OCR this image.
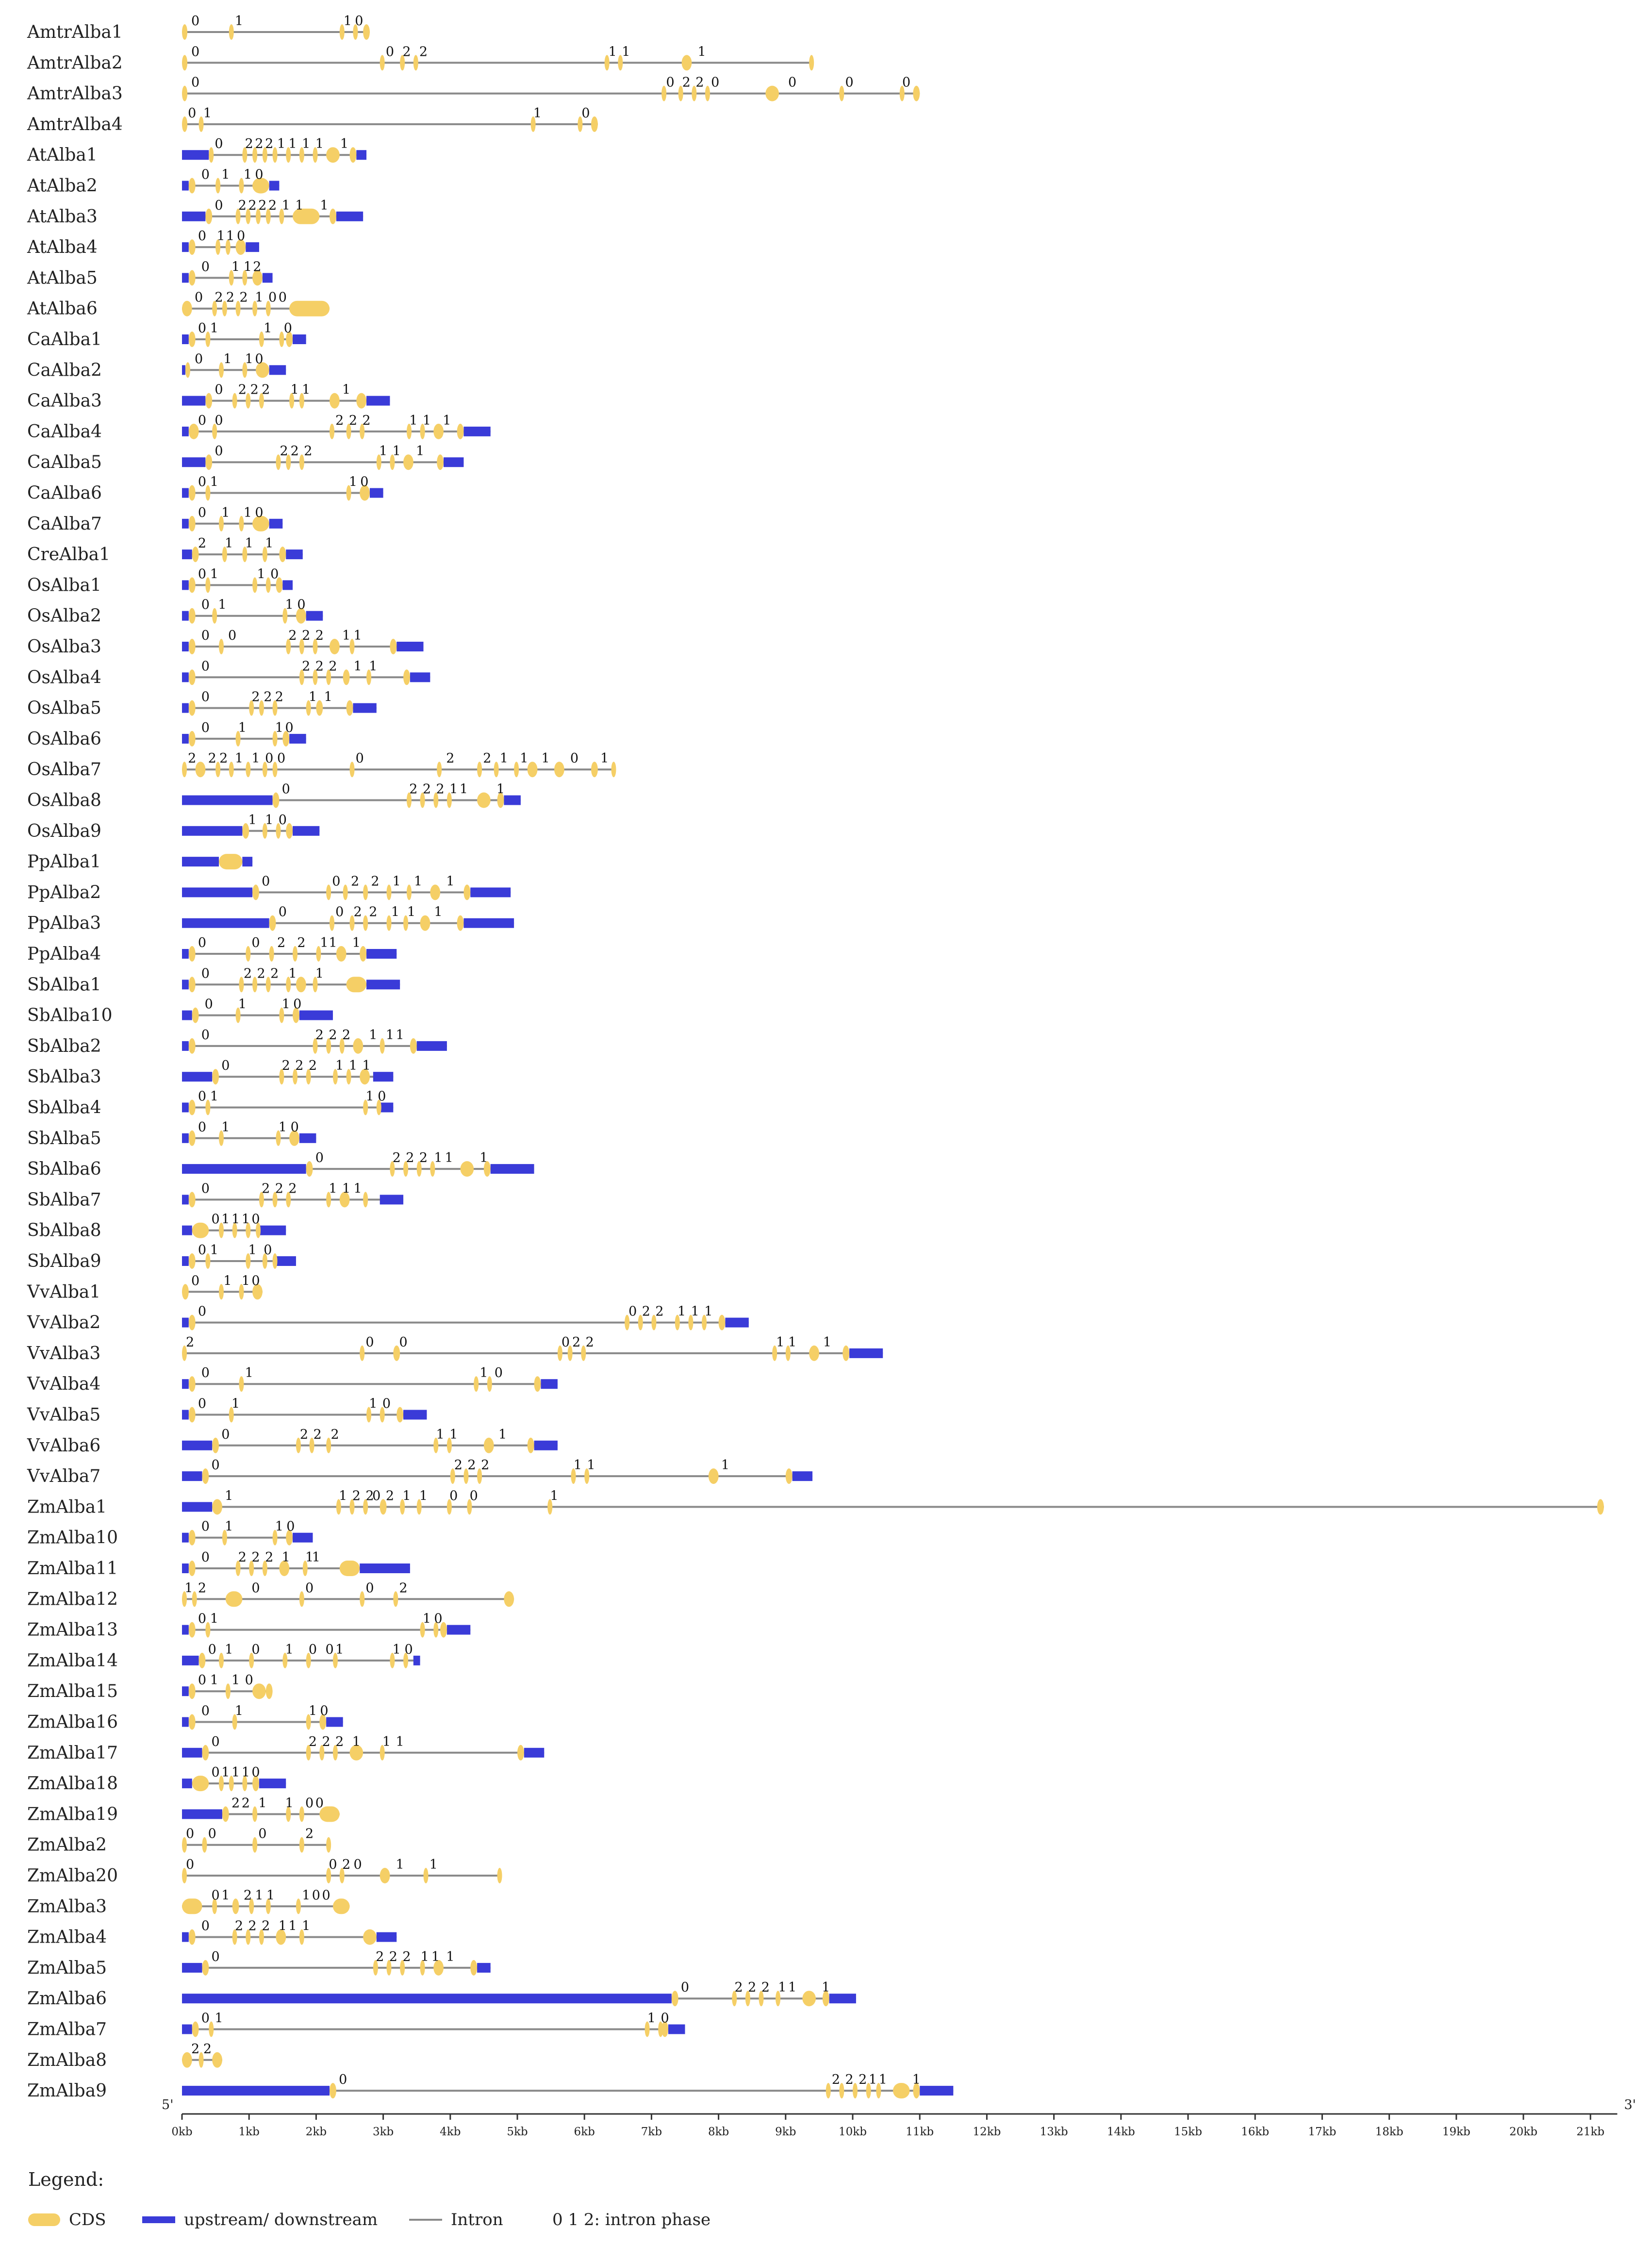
AmtrAlba1
AmtrAlba2
AmtrAlba3
AmtrAlba4
AtAlba1
AtAlba2
AtAlba3
AtAlba4
AtAlba5
AtAlba6
CaAlba1
CaAlba2
CaAlba3
CaAlba4
CaAlba5
CaAlba6
CaAlba7
CreAlba1
OsAlba1
OsAlba2
OsAlba3
OsAlba4
OsAlba5
OsAlba6
OsAlba7
OsAlba8
OsAlba9
PpAlba1
PpAlba2
PpAlba3
PpAlba4
SbAlba1
SbAlba10
SbAlba2
SbAlba3
SbAlba4
SbAlba5
SbAlba6
SbAlba7
SbAlba8
SbAlba9
VvAlba1
VvAlba2
VvAlba3
VvAlba4
VvAlba5
VvAlba6
VvAlba7
ZmAlba1
ZmAlba10
ZmAlba11
ZmAlba12
ZmAlba13
ZmAlba14
ZmAlba15
ZmAlba16
ZmAlba17
ZmAlba18
ZmAlba19
ZmAlba2
ZmAlba20
ZmAlba3
ZmAlba4
ZmAlba5
ZmAlba6
ZmAlba7
ZmAlba8
ZmAlba9
0	1	1 0
0	0 2 2	1 1	1
0	0 2 2 0	0	0	0
0 1	1	0
0 2 2 2 1 1 1 1 1
0 1 1 0
0 2 2 2 2 1 1 1
0 1 1 0
0 1 1 2
0 2 2 2 1 0 0
0 1	1 0
0 1 1 0
0 2 2 2 1 1 1
0 0	2 2 2	1 1 1
0	2 2 2	1 1 1
0 1	1 0
0 1 1 0
2 1 1 1
0 1	1 0
0 1	1 0
0 0	2 2 2 1 1
0	2 2 2 1 1
0	2 2 2 1 1
0 1 1 0
2 2 2 1 1 0 0	0	2 2 1 1 1 0 1
0	2 2 2 1 1 1
1 1 0
0	0 2 2 1 1 1
0	0 2 2 1 1 1
0	0 2 2 1 1 1
0	2 2 2 1 1
0 1	1 0
0	2 2 2 1 1 1
0	2 2 2 1 1 1
0 1	1 0
0 1	1 0
0	2 2 2 1 1 1
0	2 2 2 1 1 1
0 1 1 1 0
0 1 1 0
0 1 1 0
0	0 2 2 1 1 1
2	0 0	0 2 2	1 1 1
0	1	1 0
0 1	1 0
0	2 2 2	1 1	1
0	2 2 2	1 1	1
1	1 2 2
0 2 1 1 0 0	1
0 1	1 0
0 2 2 2 1 1
1
1 2	0	0	0 2
0 1	1 0
0 1 0 1 0 0 1	1 0
0 1 1 0
0 1	1 0
0	2 2 2 1 1 1
0 1 1 1 0
2 2 1 1 0 0
0 0	0	2
0	0 2 0	1 1
0 1 2 1 1 1 0 0
0 2 2 2 1 1 1
0	2 2 2 1 1 1
0	2 2 2 1 1 1
0 1	1 0
2 2
0	2 2 2 1 1 1
0kb	1kb	2kb	3kb	4kb	5kb	6kb	7kb	8kb	9kb	10kb	11kb	12kb	13kb	14kb	15kb	16kb	17kb	18kb	19kb	20kb	21kb
5'	3'
Legend:
CDS	upstream/ downstream	Intron	0 1 2: intron phase
